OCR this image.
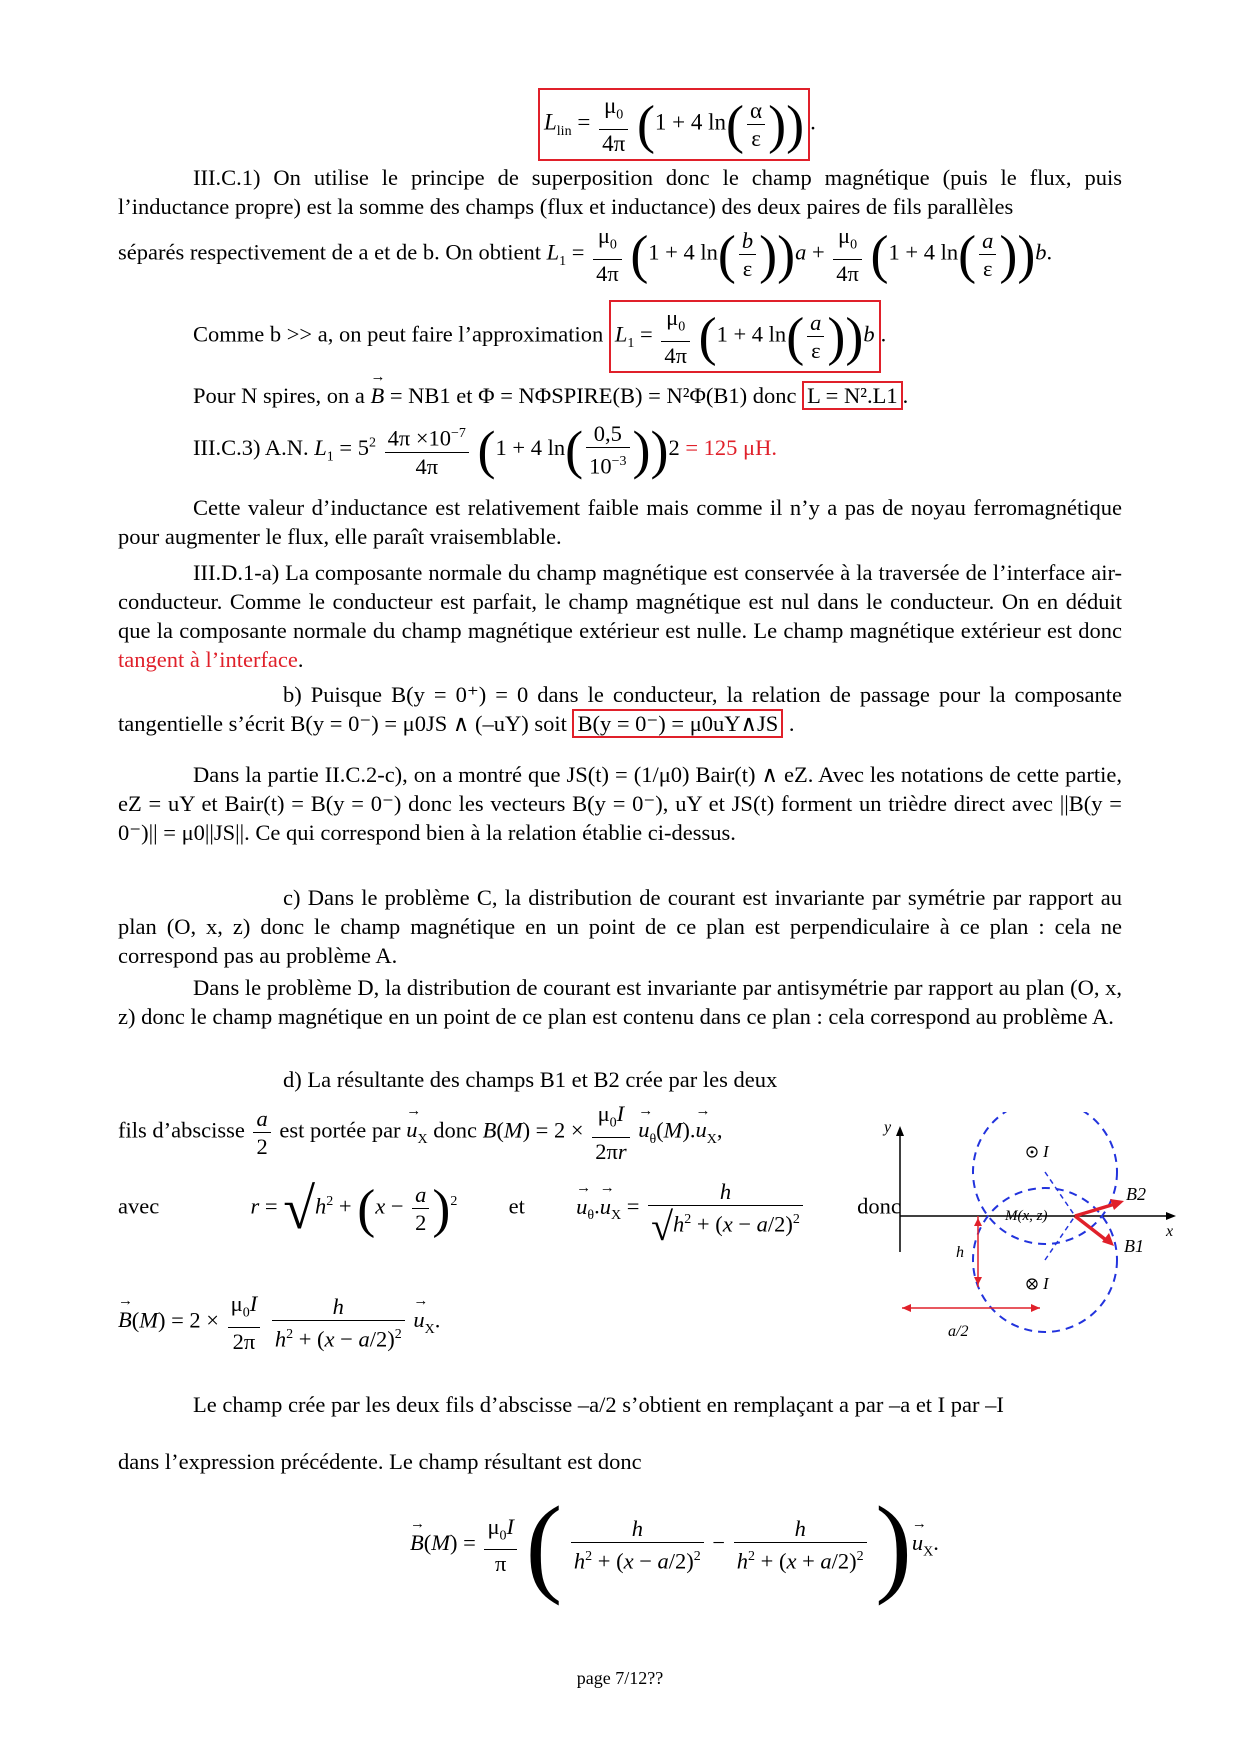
$L_{lin} = \frac{\mu_0}{4\pi} (1 + 4$ $\ln( \frac{\alpha}{\varepsilon}$ )) .

III.C.1) On utilise le principe de superposition donc le champ magnétique (puis le flux, puis l’inductance propre) est la somme des champs (flux et inductance) des deux paires de fils parallèles

séparés respectivement de a et de b. On obtient $L_1 = \frac{\mu_0}{4\pi} (1 + 4$ $\ln( \frac{b}{\varepsilon} ))a + \frac{\mu_0}{4\pi} (1 + 4$ $\ln( \frac{a}{\varepsilon} ))b$.
Comme b >> a, on peut faire l’approximation $L_1 = \frac{\mu_0}{4\pi} (1 + 4$ $\ln( \frac{a}{\varepsilon} ))b$ .
Pour N spires, on a → B = NB1 et Φ = NΦSPIRE(B) = N²Φ(B1) donc L = N².L1 .
III.C.3) A.N. $L_1 = 5^2 \frac{4\pi \times 10^{-7}}{4\pi} (1 + 4$ $\ln( \frac{0,5}{10^{-3}} ))2 = 125$ μH.

Cette valeur d’inductance est relativement faible mais comme il n’y a pas de noyau ferromagnétique pour augmenter le flux, elle paraît vraisemblable.

III.D.1-a) La composante normale du champ magnétique est conservée à la traversée de l’interface air-conducteur. Comme le conducteur est parfait, le champ magnétique est nul dans le conducteur. On en déduit que la composante normale du champ magnétique extérieur est nulle. Le champ magnétique extérieur est donc tangent à l’interface.

b) Puisque B(y = 0⁺) = 0 dans le conducteur, la relation de passage pour la composante tangentielle s’écrit B(y = 0⁻) = μ0JS ∧ (–uY) soit B(y = 0⁻) = μ0uY∧JS .

Dans la partie II.C.2-c), on a montré que JS(t) = (1/μ0) Bair(t) ∧ eZ. Avec les notations de cette partie, eZ = uY et Bair(t) = B(y = 0⁻) donc les vecteurs B(y = 0⁻), uY et JS(t) forment un trièdre direct avec ||B(y = 0⁻)|| = μ0||JS||. Ce qui correspond bien à la relation établie ci-dessus.

c) Dans le problème C, la distribution de courant est invariante par symétrie par rapport au plan (O, x, z) donc le champ magnétique en un point de ce plan est perpendiculaire à ce plan : cela ne correspond pas au problème A.

Dans le problème D, la distribution de courant est invariante par antisymétrie par rapport au plan (O, x, z) donc le champ magnétique en un point de ce plan est contenu dans ce plan : cela correspond au problème A.

d) La résultante des champs B1 et B2 crée par les deux

fils d’abscisse $\frac{a}{2}$ est portée par → $u_X$ donc $B(M) = 2 \times \frac{\mu_0I}{2\pi r}$
→ $u_\theta(M).\to u_X$,
avec	$r = √h^2 + (x - \frac{a}{2} )^2$ et  → $u_\theta.\to u_X = \frac{h}{√h^2 + (x - a/2)^2}$ donc
→ $B(M) = 2 \times \frac{\mu_0I}{2\pi}$
$\frac{h}{h^2 + (x - a/2)^2}$
→ $u_X$.
y
x
I
I
M(x, z)
B2
B1
h
a/2

Le champ crée par les deux fils d’abscisse –a/2 s’obtient en remplaçant a par –a et I par –I

dans l’expression précédente. Le champ résultant est donc

→ $B(M) = \frac{\mu_0I}{\pi}$ ( $\frac{h}{h^2 + (x - a/2)^2} - \frac{h}{h^2 + (x + a/2)^2}$ )→ $u_X$.
page 7/12??
